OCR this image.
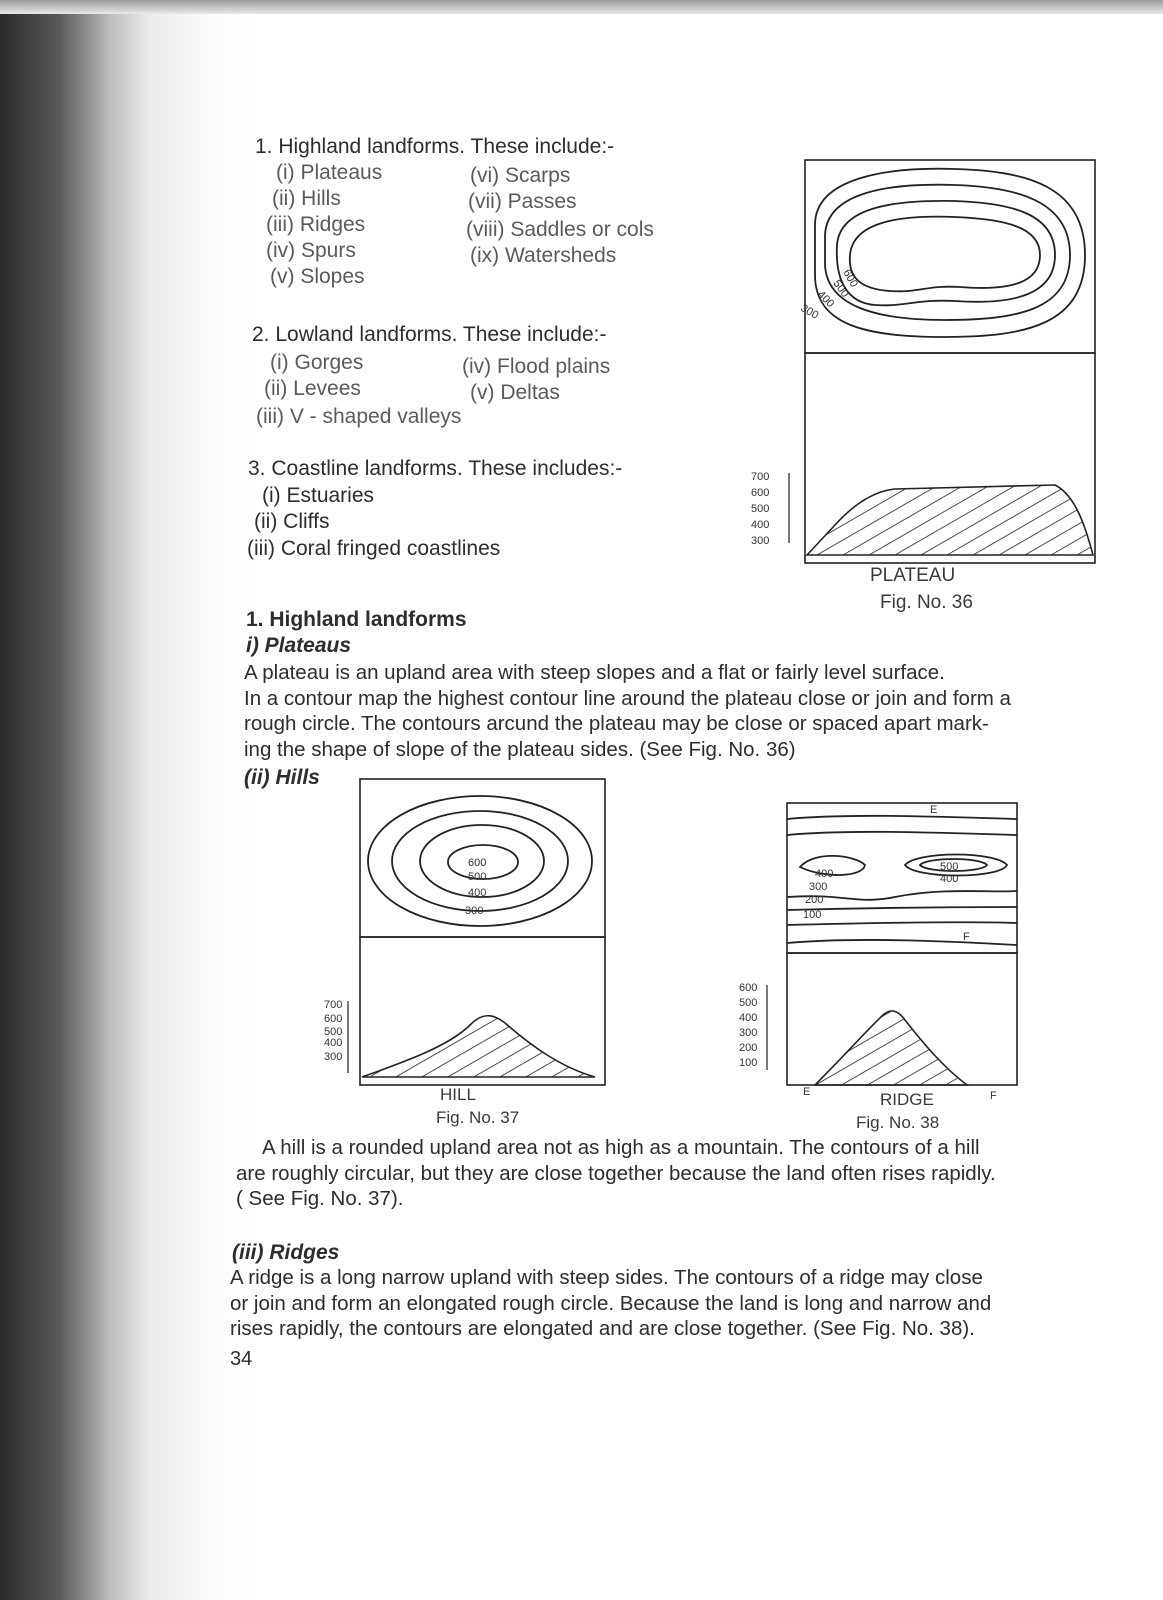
1. Highland landforms. These include:-
(i) Plateaus
(ii) Hills
(iii) Ridges
(iv) Spurs
(v) Slopes
(vi) Scarps
(vii) Passes
(viii) Saddles or cols
(ix) Watersheds
2. Lowland landforms. These include:-
(i) Gorges
(ii) Levees
(iii) V - shaped valleys
(iv) Flood plains
(v) Deltas
3. Coastline landforms. These includes:-
(i) Estuaries
(ii) Cliffs
(iii) Coral fringed coastlines
600
500
400
300
700
600
500
400
300
PLATEAU
Fig. No. 36
1. Highland landforms
i) Plateaus
A plateau is an upland area with steep slopes and a flat or fairly level surface.
In a contour map the highest contour line around the plateau close or join and form a
rough circle. The contours arcund the plateau may be close or spaced apart mark-
ing the shape of slope of the plateau sides. (See Fig. No. 36)
(ii) Hills
600
500
400
300
700
600
500
400
300
HILL
Fig. No. 37
E
F
400
300
200
100
500
400
600
500
400
300
200
100
E	F
RIDGE
Fig. No. 38
A hill is a rounded upland area not as high as a mountain. The contours of a hill
are roughly circular, but they are close together because the land often rises rapidly.
( See Fig. No. 37).
(iii) Ridges
A ridge is a long narrow upland with steep sides. The contours of a ridge may close
or join and form an elongated rough circle. Because the land is long and narrow and
rises rapidly, the contours are elongated and are close together. (See Fig. No. 38).
34
